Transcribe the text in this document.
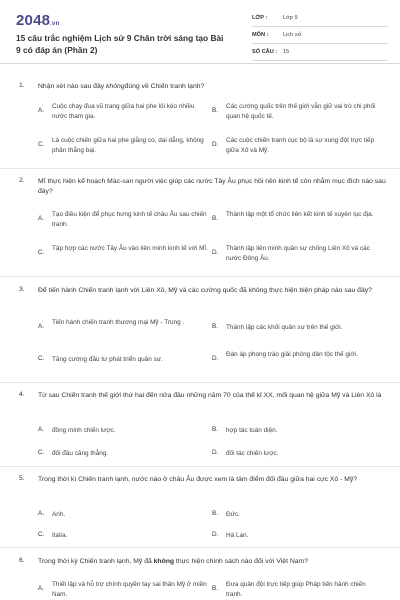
2048.vn
15 câu trắc nghiệm Lịch sử 9 Chân trời sáng tạo Bài 9 có đáp án (Phần 2)
LỚP :	Lớp 9
MÔN :	Lịch sử
SỐ CÂU : 15
1. Nhận xét nào sau đây khôngđúng về Chiến tranh lạnh?
A.
Cuộc chạy đua vũ trang giữa hai phe lôi kéo nhiều nước tham gia.
B.
Các cường quốc trên thế giới vẫn giữ vai trò chi phối quan hệ quốc tế.
C.
Là cuộc chiến giữa hai phe giằng co, dai dẳng, không phân thắng bại.
D.
Các cuộc chiến tranh cục bộ là sự xung đột trực tiếp giữa Xô và Mỹ.
2. Mĩ thực hiện kế hoạch Mác-san người việc giúp các nước Tây Âu phục hồi nền kinh tế còn nhằm mục đích nào sau đây?
A.
Tạo điều kiện để phục hưng kinh tế châu Âu sau chiến tranh.
B.
Thành lập một tổ chức liên kết kinh tế xuyên lục địa.
C.
Tập hợp các nước Tây Âu vào liên minh kinh tế với Mĩ.
D.
Thành lập liên minh quân sự chống Liên Xô và các nước Đông Âu.
3. Để tiến hành Chiến tranh lạnh với Liên Xô, Mỹ và các cường quốc đã không thực hiện biện pháp nào sau đây?
A.
Tiến hành chiến tranh thương mại Mỹ - Trung .
B. Thành lập các khối quân sự trên thế giới.
C. Tăng cường đầu tư phát triển quân sự.	D.
Đàn áp phong trào giải phóng dân tộc thế giới.
4. Từ sau Chiến tranh thế giới thứ hai đến nửa đầu những năm 70 của thế kỉ XX, mối quan hệ giữa Mỹ và Liên Xô là
A. đồng minh chiến lược.	B. hợp tác toàn diện.
C. đối đầu căng thẳng.	D. đối tác chiến lược.
5. Trong thời kì Chiến tranh lạnh, nước nào ở châu Âu được xem là tâm điểm đối đầu giữa hai cực Xô - Mỹ?
A. Anh.	B. Đức.
C. Italia.	D. Hà Lan.
6. Trong thời kỳ Chiến tranh lạnh, Mỹ đã không thực hiện chính sách nào đối với Việt Nam?
A.
Thiết lập và hỗ trợ chính quyền tay sai thân Mỹ ở miền Nam.
B.
Đưa quân đội trực tiếp giúp Pháp tiến hành chiến tranh.
